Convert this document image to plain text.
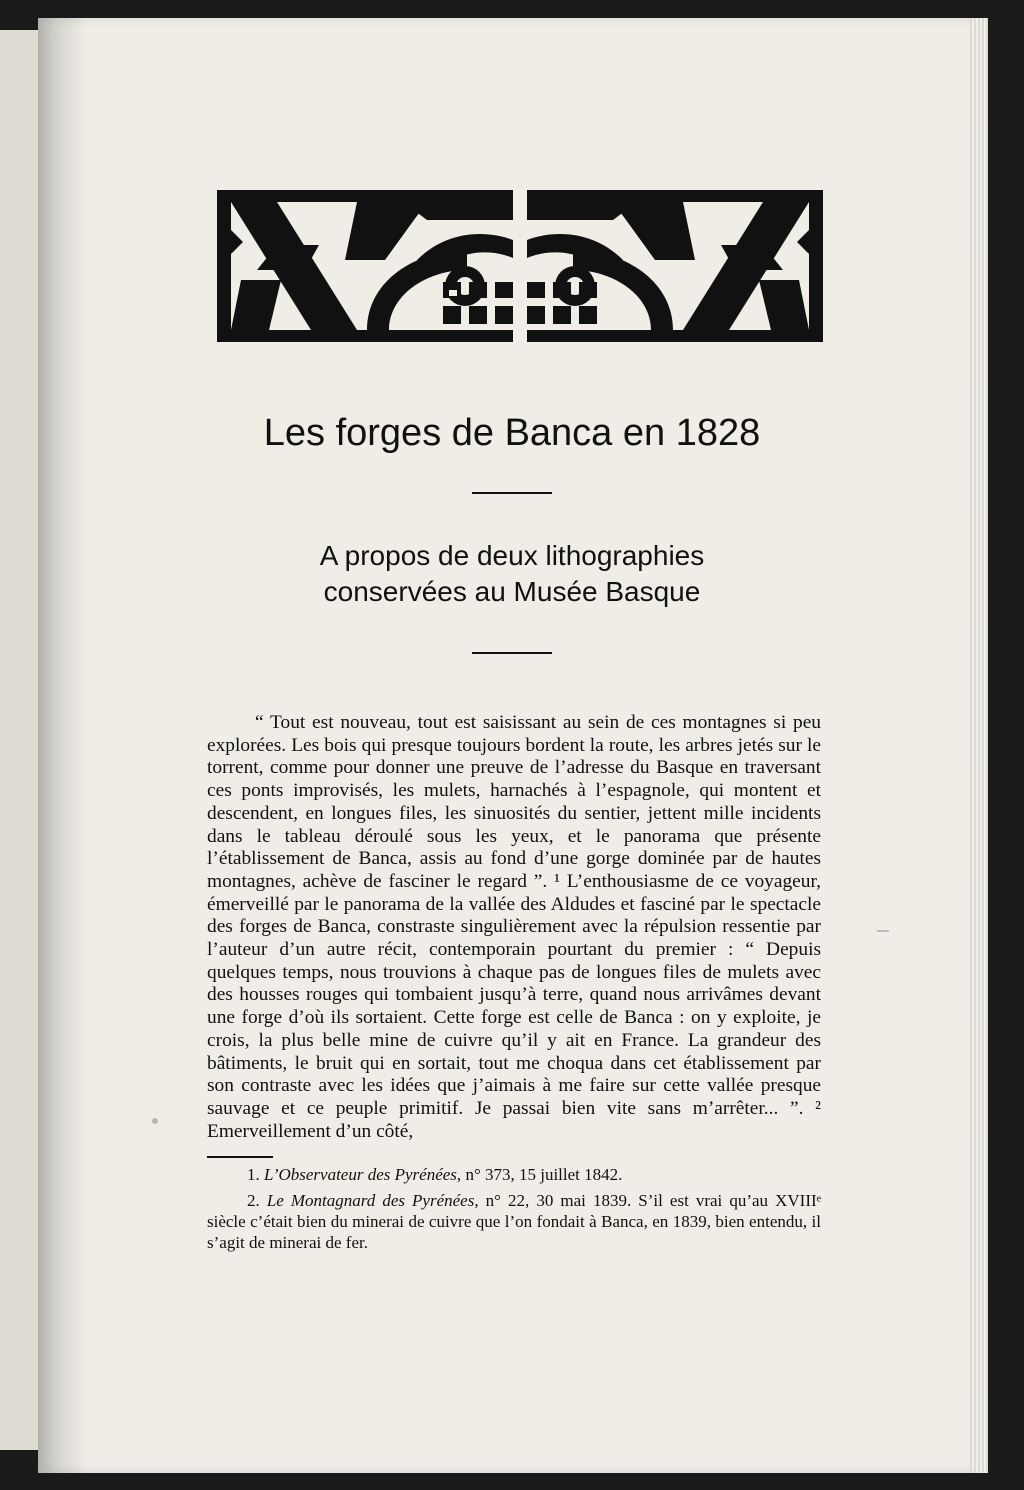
Les forges de Banca en 1828
A propos de deux lithographies
conservées au Musée Basque

“ Tout est nouveau, tout est saisissant au sein de ces montagnes si peu explorées. Les bois qui presque toujours bordent la route, les arbres jetés sur le torrent, comme pour donner une preuve de l’adresse du Basque en traversant ces ponts improvisés, les mulets, harnachés à l’espagnole, qui montent et descendent, en longues files, les sinuosités du sentier, jettent mille incidents dans le tableau déroulé sous les yeux, et le panorama que présente l’établissement de Banca, assis au fond d’une gorge dominée par de hautes montagnes, achève de fasciner le regard ”. ¹ L’enthousiasme de ce voyageur, émerveillé par le panorama de la vallée des Aldudes et fasciné par le spectacle des forges de Banca, constraste singulièrement avec la répulsion ressentie par l’auteur d’un autre récit, contemporain pourtant du premier : “ Depuis quelques temps, nous trouvions à chaque pas de longues files de mulets avec des housses rouges qui tombaient jusqu’à terre, quand nous arrivâmes devant une forge d’où ils sortaient. Cette forge est celle de Banca : on y exploite, je crois, la plus belle mine de cuivre qu’il y ait en France. La grandeur des bâtiments, le bruit qui en sortait, tout me choqua dans cet établissement par son contraste avec les idées que j’aimais à me faire sur cette vallée presque sauvage et ce peuple primitif. Je passai bien vite sans m’arrêter... ”. ² Emerveillement d’un côté,

1. L’Observateur des Pyrénées, n° 373, 15 juillet 1842.

2. Le Montagnard des Pyrénées, n° 22, 30 mai 1839. S’il est vrai qu’au XVIIIᵉ siècle c’était bien du minerai de cuivre que l’on fondait à Banca, en 1839, bien entendu, il s’agit de minerai de fer.
